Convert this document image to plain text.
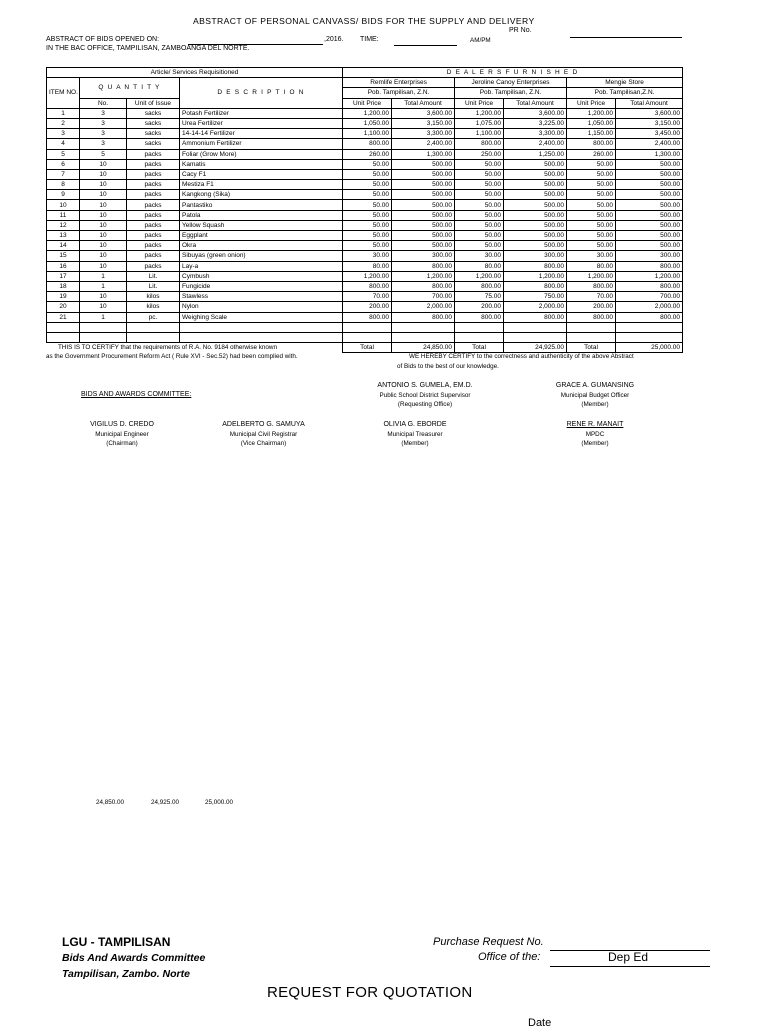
ABSTRACT OF PERSONAL CANVASS/ BIDS FOR THE SUPPLY AND DELIVERY
PR No.
ABSTRACT OF BIDS OPENED ON:	,2016. TIME:	AM/PM
IN THE BAC OFFICE, TAMPILISAN, ZAMBOANGA DEL NORTE.
Article/ Services Requisitioned				D E A L E R S F U R N I S H E D					
ITEM NO.	Q U A N T I T Y		D E S C R I P T I O N	Remlife Enterprises		Jeroline Canoy Enterprises		Mengie Store	
				Pob. Tampilisan, Z.N.		Pob. Tampilisan, Z.N.		Pob. Tampilisan,Z.N.	
	No.	Unit of Issue		Unit Price	Total Amount	Unit Price	Total Amount	Unit Price	Total Amount
1	3	sacks	Potash Fertilizer	1,200.00	3,600.00	1,200.00	3,600.00	1,200.00	3,600.00
2	3	sacks	Urea Fertilizer	1,050.00	3,150.00	1,075.00	3,225.00	1,050.00	3,150.00
3	3	sacks	14-14-14 Fertilizer	1,100.00	3,300.00	1,100.00	3,300.00	1,150.00	3,450.00
4	3	sacks	Ammonium Fertilizer	800.00	2,400.00	800.00	2,400.00	800.00	2,400.00
5	5	packs	Foliar (Grow More)	260.00	1,300.00	250.00	1,250.00	260.00	1,300.00
6	10	packs	Kamatis	50.00	500.00	50.00	500.00	50.00	500.00
7	10	packs	Cacy F1	50.00	500.00	50.00	500.00	50.00	500.00
8	10	packs	Mestiza F1	50.00	500.00	50.00	500.00	50.00	500.00
9	10	packs	Kangkong (Sika)	50.00	500.00	50.00	500.00	50.00	500.00
10	10	packs	Pantastiko	50.00	500.00	50.00	500.00	50.00	500.00
11	10	packs	Patola	50.00	500.00	50.00	500.00	50.00	500.00
12	10	packs	Yellow Squash	50.00	500.00	50.00	500.00	50.00	500.00
13	10	packs	Eggplant	50.00	500.00	50.00	500.00	50.00	500.00
14	10	packs	Okra	50.00	500.00	50.00	500.00	50.00	500.00
15	10	packs	Sibuyas (green onion)	30.00	300.00	30.00	300.00	30.00	300.00
16	10	packs	Lay-a	80.00	800.00	80.00	800.00	80.00	800.00
17	1	Lit.	Cymbush	1,200.00	1,200.00	1,200.00	1,200.00	1,200.00	1,200.00
18	1	Lit.	Fungicide	800.00	800.00	800.00	800.00	800.00	800.00
19	10	kilos	Stawless	70.00	700.00	75.00	750.00	70.00	700.00
20	10	kilos	Nylon	200.00	2,000.00	200.00	2,000.00	200.00	2,000.00
21	1	pc.	Weighing Scale	800.00	800.00	800.00	800.00	800.00	800.00

				Total	24,850.00	Total	24,925.00	Total	25,000.00
THIS IS TO CERTIFY that the requirements of R.A. No. 9184 otherwise known
as the Government Procurement Reform Act ( Rule XVI - Sec.52) had been complied with.	WE HEREBY CERTIFY to the correctness and authenticity of the above Abstract
of Bids to the best of our knowledge.
BIDS AND AWARDS COMMITTEE:
ANTONIO S. GUMELA, EM.D.
Public School District Supervisor
(Requesting Office)
GRACE A. GUMANSING
Municipal Budget Officer
(Member)
VIGILUS D. CREDO
Municipal Engineer
(Chairman)
ADELBERTO G. SAMUYA
Municipal Civil Registrar
(Vice Chairman)
OLIVIA G. EBORDE
Municipal Treasurer
(Member)
RENE R. MANAIT
MPDC
(Member)
24,850.00	24,925.00	25,000.00
LGU - TAMPILISAN
Bids And Awards Committee
Tampilisan, Zambo. Norte
Purchase Request No.
Office of the:	Dep Ed
REQUEST FOR QUOTATION
Date
